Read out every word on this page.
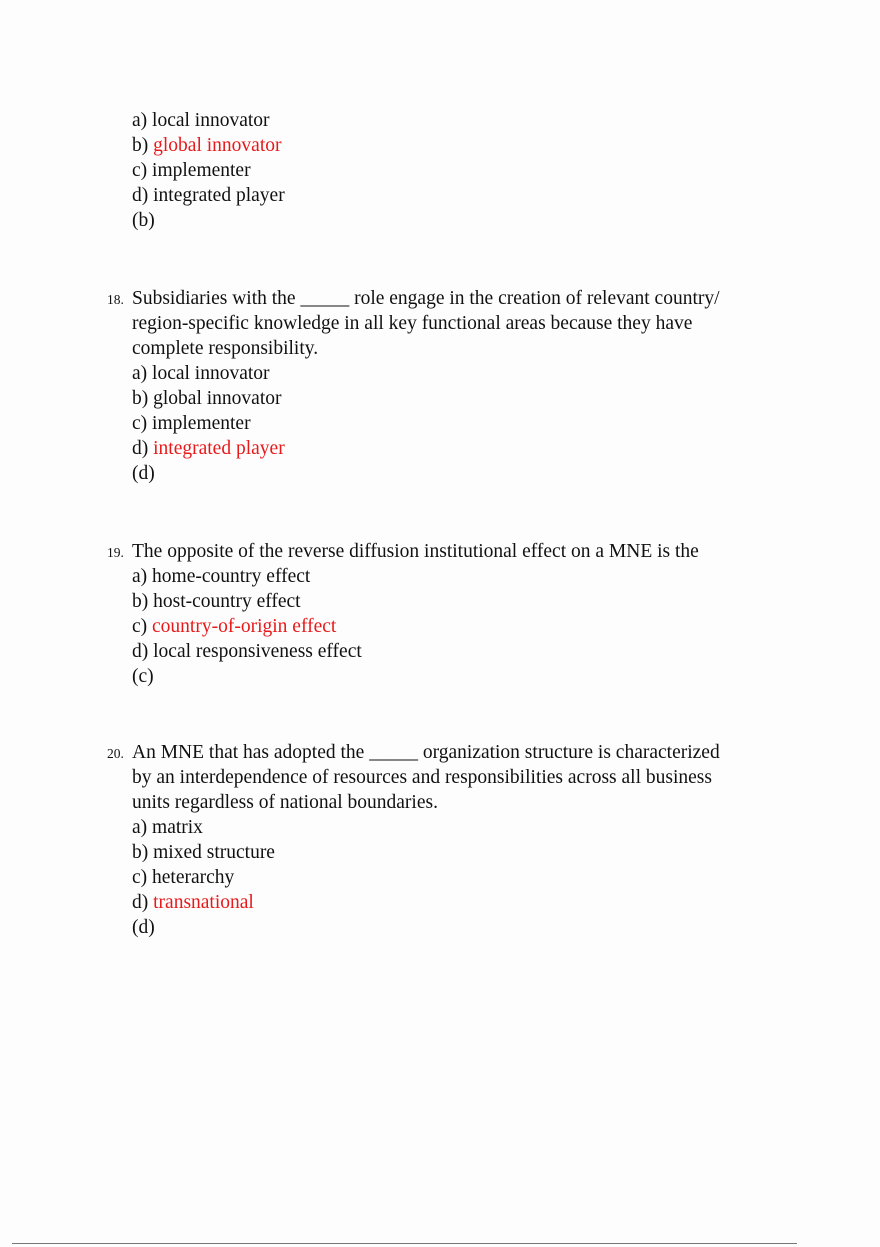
a) local innovator
b) global innovator
c) implementer
d) integrated player
(b)
18. Subsidiaries with the _____ role engage in the creation of relevant country/
region-specific knowledge in all key functional areas because they have
complete responsibility.
a) local innovator
b) global innovator
c) implementer
d) integrated player
(d)
19. The opposite of the reverse diffusion institutional effect on a MNE is the
a) home-country effect
b) host-country effect
c) country-of-origin effect
d) local responsiveness effect
(c)
20. An MNE that has adopted the _____ organization structure is characterized
by an interdependence of resources and responsibilities across all business
units regardless of national boundaries.
a) matrix
b) mixed structure
c) heterarchy
d) transnational
(d)
